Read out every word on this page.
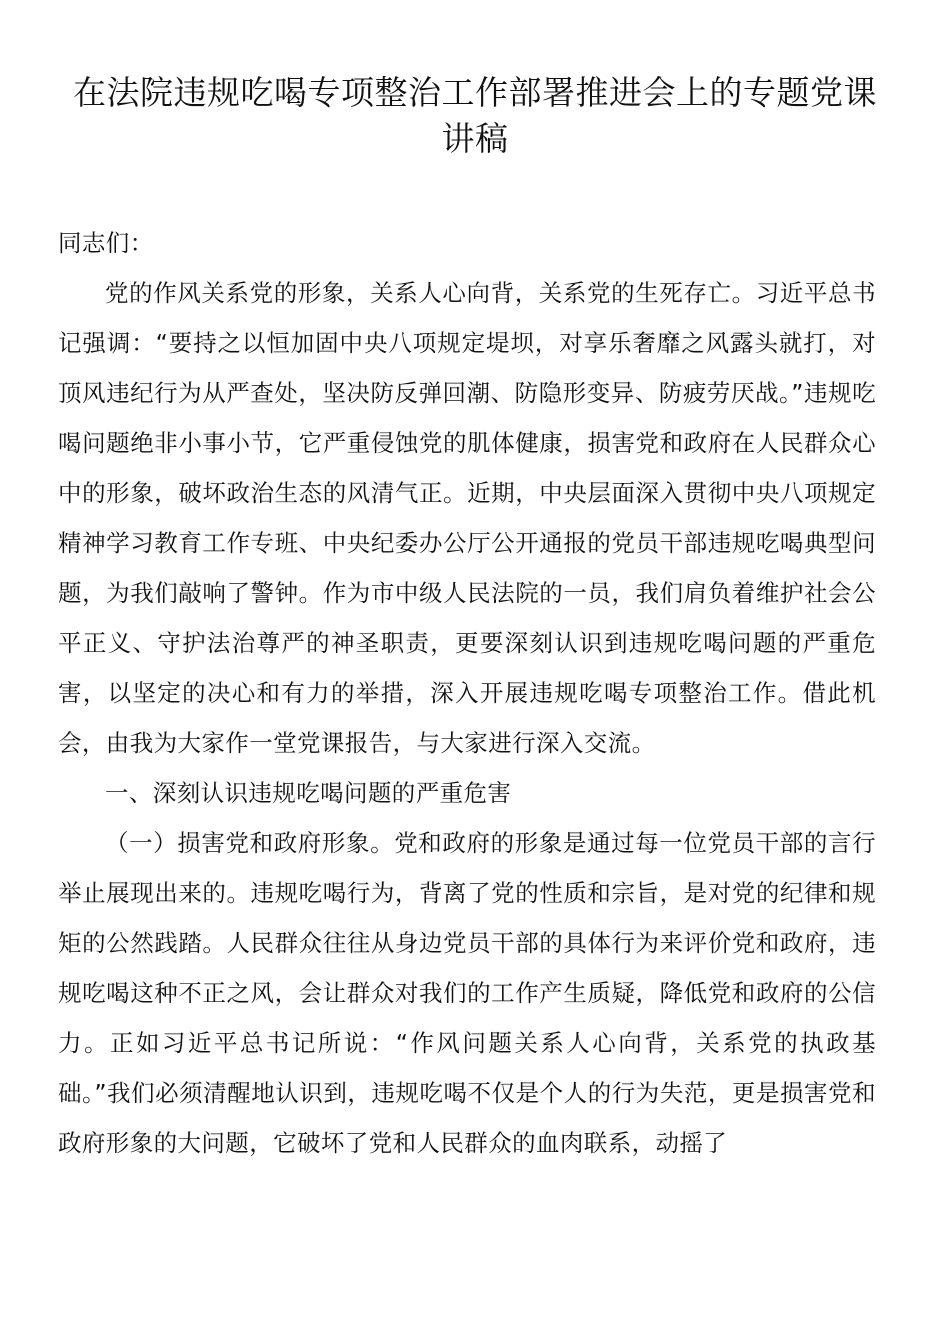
在法院违规吃喝专项整治工作部署推进会上的专题党课讲稿

同志们：

党的作风关系党的形象，关系人心向背，关系党的生死存亡。习近平总书记强调：“要持之以恒加固中央八项规定堤坝，对享乐奢靡之风露头就打，对顶风违纪行为从严查处，坚决防反弹回潮、防隐形变异、防疲劳厌战。”违规吃喝问题绝非小事小节，它严重侵蚀党的肌体健康，损害党和政府在人民群众心中的形象，破坏政治生态的风清气正。近期，中央层面深入贯彻中央八项规定精神学习教育工作专班、中央纪委办公厅公开通报的党员干部违规吃喝典型问题，为我们敲响了警钟。作为市中级人民法院的一员，我们肩负着维护社会公平正义、守护法治尊严的神圣职责，更要深刻认识到违规吃喝问题的严重危害，以坚定的决心和有力的举措，深入开展违规吃喝专项整治工作。借此机会，由我为大家作一堂党课报告，与大家进行深入交流。

一、深刻认识违规吃喝问题的严重危害

（一）损害党和政府形象。党和政府的形象是通过每一位党员干部的言行举止展现出来的。违规吃喝行为，背离了党的性质和宗旨，是对党的纪律和规矩的公然践踏。人民群众往往从身边党员干部的具体行为来评价党和政府，违规吃喝这种不正之风，会让群众对我们的工作产生质疑，降低党和政府的公信力。正如习近平总书记所说：“作风问题关系人心向背，关系党的执政基础。”我们必须清醒地认识到，违规吃喝不仅是个人的行为失范，更是损害党和政府形象的大问题，它破坏了党和人民群众的血肉联系，动摇了
